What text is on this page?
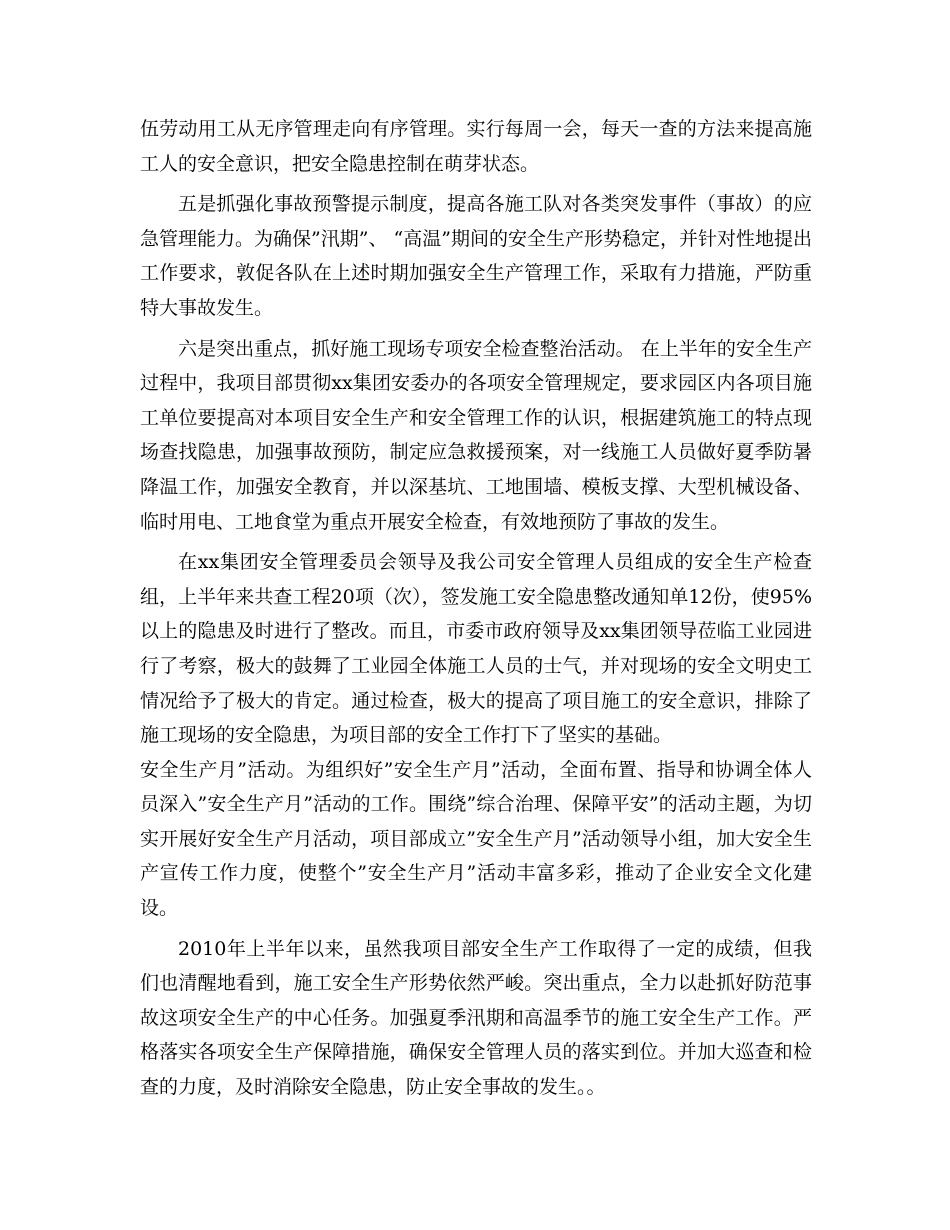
伍劳动用工从无序管理走向有序管理。实行每周一会，每天一查的方法来提高施工人的安全意识，把安全隐患控制在萌芽状态。

五是抓强化事故预警提示制度，提高各施工队对各类突发事件（事故）的应急管理能力。为确保”汛期”、 “高温”期间的安全生产形势稳定，并针对性地提出工作要求，敦促各队在上述时期加强安全生产管理工作，采取有力措施，严防重特大事故发生。

六是突出重点，抓好施工现场专项安全检查整治活动。 在上半年的安全生产过程中，我项目部贯彻xx集团安委办的各项安全管理规定，要求园区内各项目施工单位要提高对本项目安全生产和安全管理工作的认识，根据建筑施工的特点现场查找隐患，加强事故预防，制定应急救援预案，对一线施工人员做好夏季防暑降温工作，加强安全教育，并以深基坑、工地围墙、模板支撑、大型机械设备、临时用电、工地食堂为重点开展安全检查，有效地预防了事故的发生。

在xx集团安全管理委员会领导及我公司安全管理人员组成的安全生产检查组，上半年来共查工程20项（次），签发施工安全隐患整改通知单12份，使95%以上的隐患及时进行了整改。而且，市委市政府领导及xx集团领导莅临工业园进行了考察，极大的鼓舞了工业园全体施工人员的士气，并对现场的安全文明史工情况给予了极大的肯定。通过检查，极大的提高了项目施工的安全意识，排除了施工现场的安全隐患，为项目部的安全工作打下了坚实的基础。

安全生产月”活动。为组织好”安全生产月”活动，全面布置、指导和协调全体人员深入”安全生产月”活动的工作。围绕”综合治理、保障平安”的活动主题，为切实开展好安全生产月活动，项目部成立”安全生产月”活动领导小组，加大安全生产宣传工作力度，使整个”安全生产月”活动丰富多彩，推动了企业安全文化建设。

2010年上半年以来，虽然我项目部安全生产工作取得了一定的成绩，但我们也清醒地看到，施工安全生产形势依然严峻。突出重点，全力以赴抓好防范事故这项安全生产的中心任务。加强夏季汛期和高温季节的施工安全生产工作。严格落实各项安全生产保障措施，确保安全管理人员的落实到位。并加大巡查和检查的力度，及时消除安全隐患，防止安全事故的发生。。
